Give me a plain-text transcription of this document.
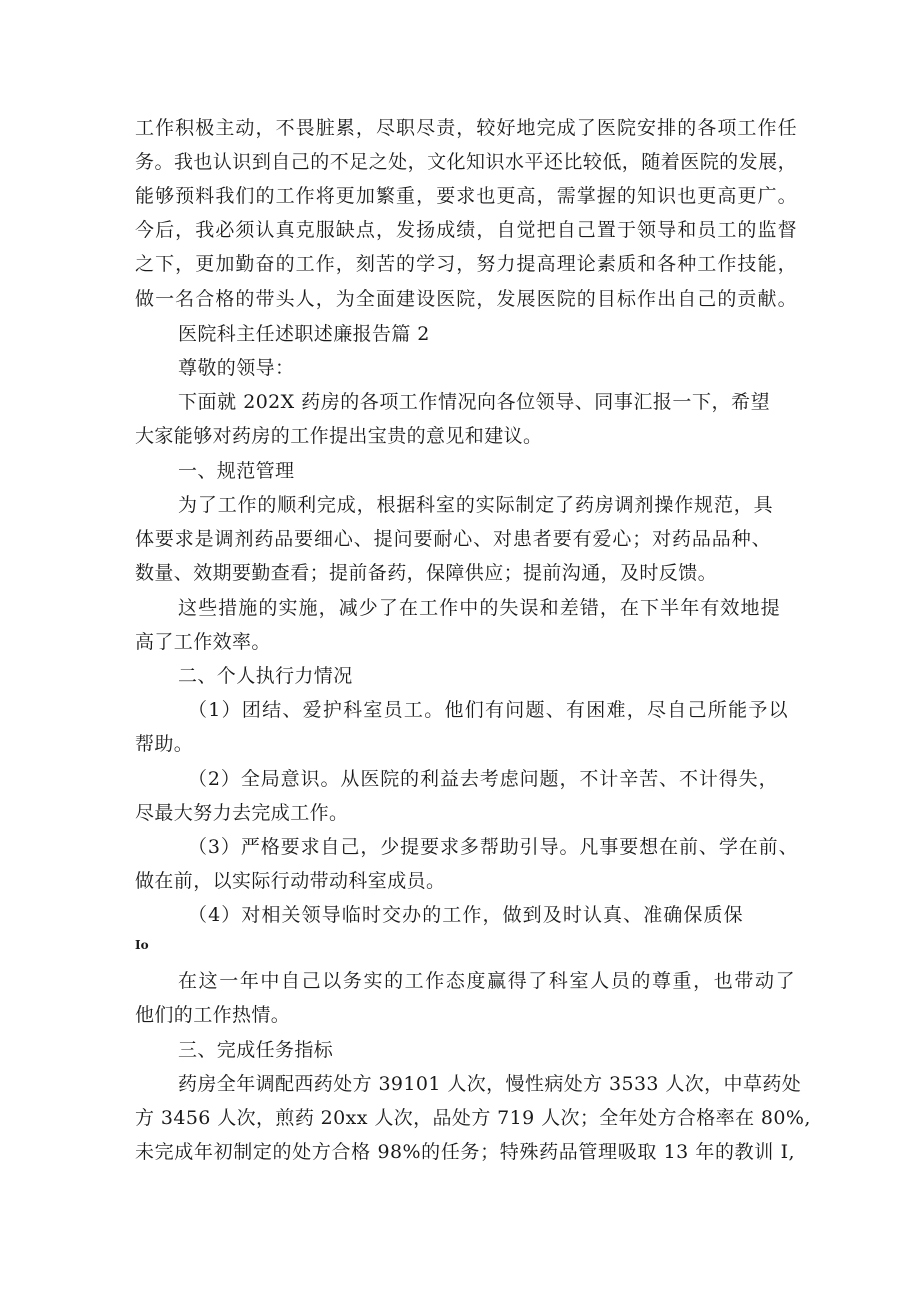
工作积极主动，不畏脏累，尽职尽责，较好地完成了医院安排的各项工作任

务。我也认识到自己的不足之处，文化知识水平还比较低，随着医院的发展，

能够预料我们的工作将更加繁重，要求也更高，需掌握的知识也更高更广。

今后，我必须认真克服缺点，发扬成绩，自觉把自己置于领导和员工的监督

之下，更加勤奋的工作，刻苦的学习，努力提高理论素质和各种工作技能，

做一名合格的带头人，为全面建设医院，发展医院的目标作出自己的贡献。

医院科主任述职述廉报告篇 2

尊敬的领导：

下面就 202X 药房的各项工作情况向各位领导、同事汇报一下，希望

大家能够对药房的工作提出宝贵的意见和建议。

一、规范管理

为了工作的顺利完成，根据科室的实际制定了药房调剂操作规范，具

体要求是调剂药品要细心、提问要耐心、对患者要有爱心；对药品品种、

数量、效期要勤查看；提前备药，保障供应；提前沟通，及时反馈。

这些措施的实施，减少了在工作中的失误和差错，在下半年有效地提

高了工作效率。

二、个人执行力情况

（1）团结、爱护科室员工。他们有问题、有困难，尽自己所能予以

帮助。

（2）全局意识。从医院的利益去考虑问题，不计辛苦、不计得失，

尽最大努力去完成工作。

（3）严格要求自己，少提要求多帮助引导。凡事要想在前、学在前、

做在前，以实际行动带动科室成员。

（4）对相关领导临时交办的工作，做到及时认真、准确保质保

Io

在这一年中自己以务实的工作态度赢得了科室人员的尊重，也带动了

他们的工作热情。

三、完成任务指标

药房全年调配西药处方 39101 人次，慢性病处方 3533 人次，中草药处

方 3456 人次，煎药 20xx 人次，品处方 719 人次；全年处方合格率在 80%,

未完成年初制定的处方合格 98%的任务；特殊药品管理吸取 13 年的教训 I,
